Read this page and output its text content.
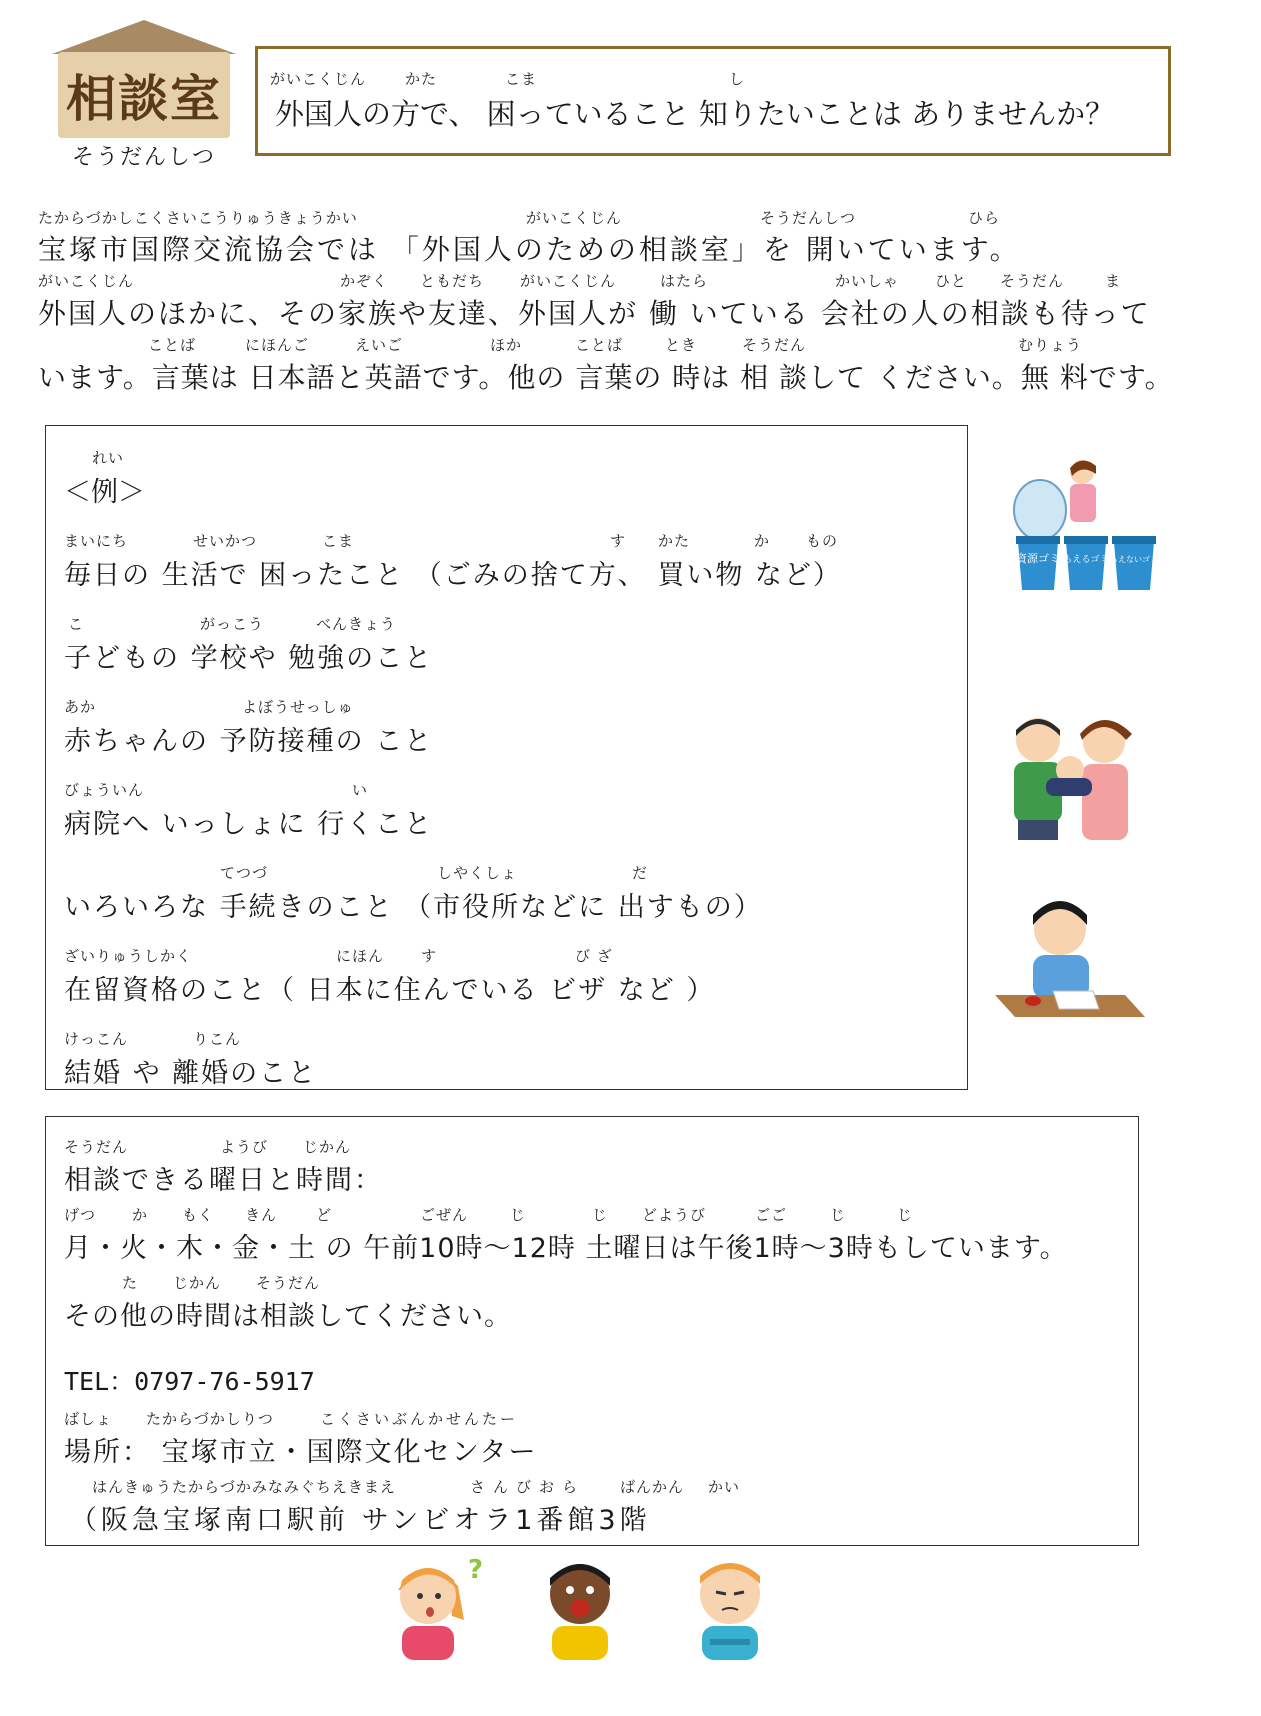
相談室
そうだんしつ
がいこくじん	かた	こま	し
外国人の方で、 困っていること 知りたいことは ありませんか？
たからづかしこくさいこうりゅうきょうかい	がいこくじん	そうだんしつ	ひら
宝塚市国際交流協会では 「外国人のための相談室」を 開いています。
がいこくじん	かぞく ともだち がいこくじん	はたら	かいしゃ ひと そうだん	ま
外国人のほかに、その家族や友達、外国人が 働 いている 会社の人の相談も待って
ことば	にほんご	えいご	ほか	ことば	とき	そうだん	むりょう
います。言葉は 日本語と英語です。他の 言葉の 時は 相 談して ください。無 料です。
れい
＜例＞
まいにち	せいかつ	こま	す かた	か もの
毎日の 生活で 困ったこと （ごみの捨て方、 買い物 など）
こ	がっこう	べんきょう
子どもの 学校や 勉強のこと
あか	よぼうせっしゅ
赤ちゃんの 予防接種の こと
びょういん	い
病院へ いっしょに 行くこと
てつづ	しやくしょ	だ
いろいろな 手続きのこと （市役所などに 出すもの）
ざいりゅうしかく	にほん す	び ざ
在留資格のこと（ 日本に住んでいる ビザ など ）
けっこん	りこん
結婚 や 離婚のこと
そうだん	ようび じかん
相談できる曜日と時間：
げつ か もく きん	ど	ごぜん	じ	じ どようび	ごご	じ	じ
月・火・木・金・土 の 午前10時～12時 土曜日は午後1時～3時もしています。
た じかん そうだん
その他の時間は相談してください。
TEL：0797-76-5917
ばしょ たからづかしりつ	こくさいぶんかせんたー
場所： 宝塚市立・国際文化センター
はんきゅうたからづかみなみぐちえきまえ	さんびおら ばんかん かい
（阪急宝塚南口駅前 サンビオラ1番館3階
資源ゴミ もえるゴミ もえないゴミ
?
